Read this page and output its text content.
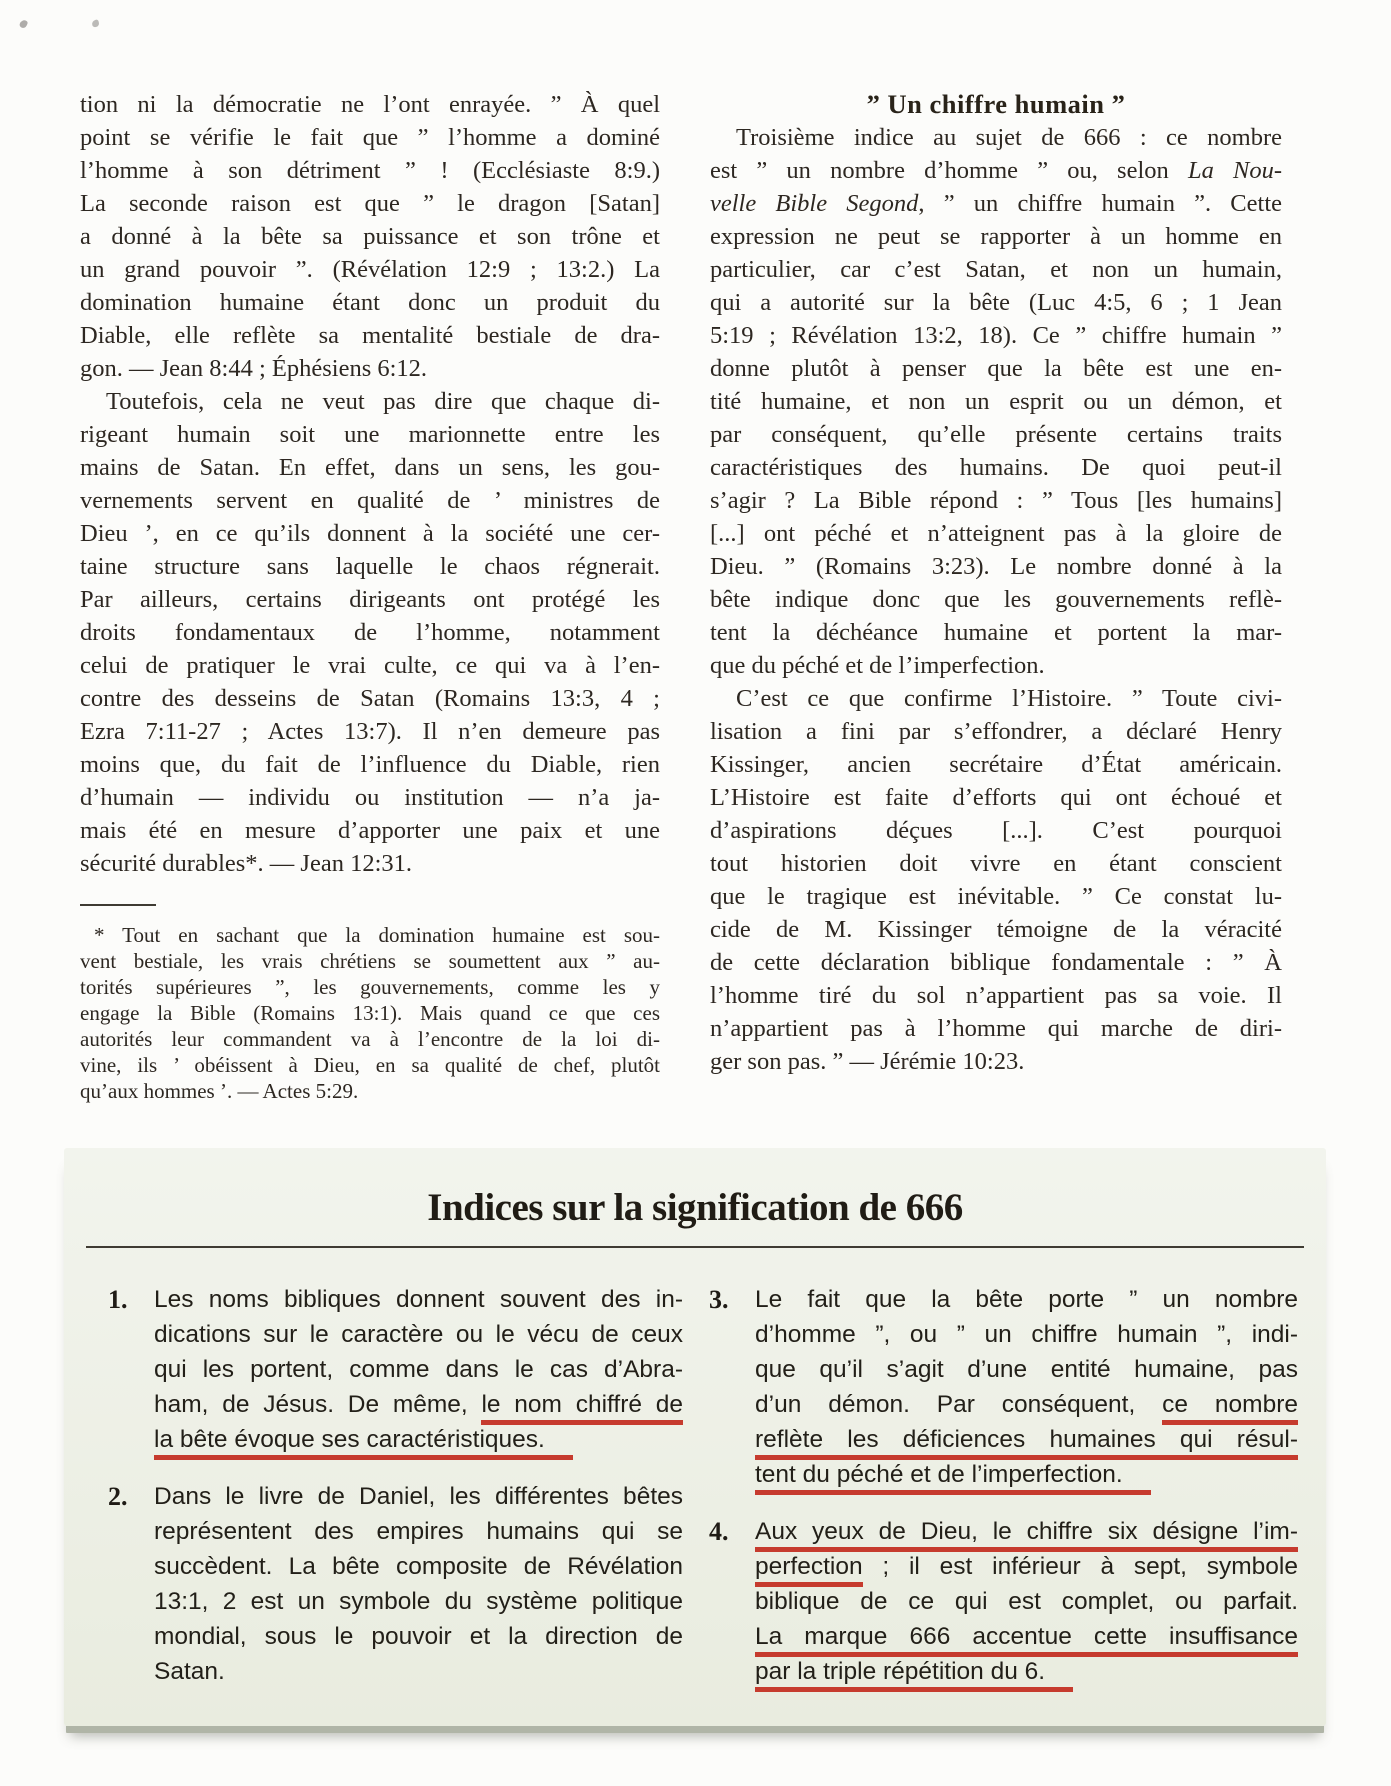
tion ni la démocratie ne l’ont enrayée. ” À quel
point se vérifie le fait que ” l’homme a dominé
l’homme à son détriment ” ! (Ecclésiaste 8:9.)
La seconde raison est que ” le dragon [Satan]
a donné à la bête sa puissance et son trône et
un grand pouvoir ”. (Révélation 12:9 ; 13:2.) La
domination humaine étant donc un produit du
Diable, elle reflète sa mentalité bestiale de dra-
gon. — Jean 8:44 ; Éphésiens 6:12.
Toutefois, cela ne veut pas dire que chaque di-
rigeant humain soit une marionnette entre les
mains de Satan. En effet, dans un sens, les gou-
vernements servent en qualité de ’ ministres de
Dieu ’, en ce qu’ils donnent à la société une cer-
taine structure sans laquelle le chaos régnerait.
Par ailleurs, certains dirigeants ont protégé les
droits fondamentaux de l’homme, notamment
celui de pratiquer le vrai culte, ce qui va à l’en-
contre des desseins de Satan (Romains 13:3, 4 ;
Ezra 7:11-27 ; Actes 13:7). Il n’en demeure pas
moins que, du fait de l’influence du Diable, rien
d’humain — individu ou institution — n’a ja-
mais été en mesure d’apporter une paix et une
sécurité durables*. — Jean 12:31.
* Tout en sachant que la domination humaine est sou-
vent bestiale, les vrais chrétiens se soumettent aux ” au-
torités supérieures ”, les gouvernements, comme les y
engage la Bible (Romains 13:1). Mais quand ce que ces
autorités leur commandent va à l’encontre de la loi di-
vine, ils ’ obéissent à Dieu, en sa qualité de chef, plutôt
qu’aux hommes ’. — Actes 5:29.
” Un chiffre humain ”
Troisième indice au sujet de 666 : ce nombre
est ” un nombre d’homme ” ou, selon La Nou-
velle Bible Segond, ” un chiffre humain ”. Cette
expression ne peut se rapporter à un homme en
particulier, car c’est Satan, et non un humain,
qui a autorité sur la bête (Luc 4:5, 6 ; 1 Jean
5:19 ; Révélation 13:2, 18). Ce ” chiffre humain ”
donne plutôt à penser que la bête est une en-
tité humaine, et non un esprit ou un démon, et
par conséquent, qu’elle présente certains traits
caractéristiques des humains. De quoi peut-il
s’agir ? La Bible répond : ” Tous [les humains]
[...] ont péché et n’atteignent pas à la gloire de
Dieu. ” (Romains 3:23). Le nombre donné à la
bête indique donc que les gouvernements reflè-
tent la déchéance humaine et portent la mar-
que du péché et de l’imperfection.
C’est ce que confirme l’Histoire. ” Toute civi-
lisation a fini par s’effondrer, a déclaré Henry
Kissinger, ancien secrétaire d’État américain.
L’Histoire est faite d’efforts qui ont échoué et
d’aspirations déçues [...]. C’est pourquoi
tout historien doit vivre en étant conscient
que le tragique est inévitable. ” Ce constat lu-
cide de M. Kissinger témoigne de la véracité
de cette déclaration biblique fondamentale : ” À
l’homme tiré du sol n’appartient pas sa voie. Il
n’appartient pas à l’homme qui marche de diri-
ger son pas. ” — Jérémie 10:23.
Indices sur la signification de 666
1.	Les noms bibliques donnent souvent des in-
dications sur le caractère ou le vécu de ceux
qui les portent, comme dans le cas d’Abra-
ham, de Jésus. De même, le nom chiffré de
la bête évoque ses caractéristiques.
2.	Dans le livre de Daniel, les différentes bêtes
représentent des empires humains qui se
succèdent. La bête composite de Révélation
13:1, 2 est un symbole du système politique
mondial, sous le pouvoir et la direction de
Satan.
3.	Le fait que la bête porte ” un nombre
d’homme ”, ou ” un chiffre humain ”, indi-
que qu’il s’agit d’une entité humaine, pas
d’un démon. Par conséquent, ce nombre
reflète les déficiences humaines qui résul-
tent du péché et de l’imperfection.
4.	Aux yeux de Dieu, le chiffre six désigne l’im-
perfection ; il est inférieur à sept, symbole
biblique de ce qui est complet, ou parfait.
La marque 666 accentue cette insuffisance
par la triple répétition du 6.
